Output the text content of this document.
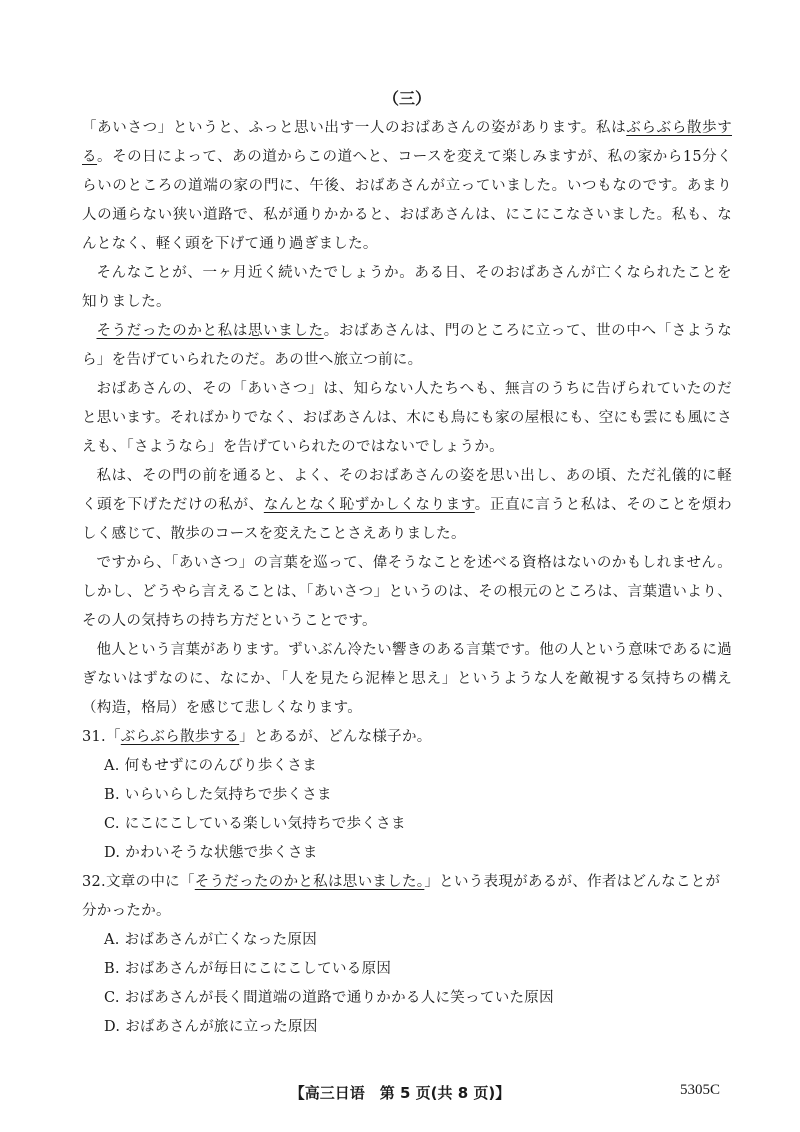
（三）

「あいさつ」というと、ふっと思い出す一人のおばあさんの姿があります。私はぶらぶら散歩する。その日によって、あの道からこの道へと、コースを変えて楽しみますが、私の家から15分くらいのところの道端の家の門に、午後、おばあさんが立っていました。いつもなのです。あまり人の通らない狭い道路で、私が通りかかると、おばあさんは、にこにこなさいました。私も、なんとなく、軽く頭を下げて通り過ぎました。

そんなことが、一ヶ月近く続いたでしょうか。ある日、そのおばあさんが亡くなられたことを知りました。

そうだったのかと私は思いました。おばあさんは、門のところに立って、世の中へ「さようなら」を告げていられたのだ。あの世へ旅立つ前に。

おばあさんの、その「あいさつ」は、知らない人たちへも、無言のうちに告げられていたのだと思います。そればかりでなく、おばあさんは、木にも鳥にも家の屋根にも、空にも雲にも風にさえも、「さようなら」を告げていられたのではないでしょうか。

私は、その門の前を通ると、よく、そのおばあさんの姿を思い出し、あの頃、ただ礼儀的に軽く頭を下げただけの私が、なんとなく恥ずかしくなります。正直に言うと私は、そのことを煩わしく感じて、散歩のコースを変えたことさえありました。

ですから、「あいさつ」の言葉を巡って、偉そうなことを述べる資格はないのかもしれません。しかし、どうやら言えることは、「あいさつ」というのは、その根元のところは、言葉遣いより、その人の気持ちの持ち方だということです。

他人という言葉があります。ずいぶん冷たい響きのある言葉です。他の人という意味であるに過ぎないはずなのに、なにか、「人を見たら泥棒と思え」というような人を敵視する気持ちの構え（构造，格局）を感じて悲しくなります。

31.「ぶらぶら散歩する」とあるが、どんな様子か。

A. 何もせずにのんびり歩くさま

B. いらいらした気持ちで歩くさま

C. にこにこしている楽しい気持ちで歩くさま

D. かわいそうな状態で歩くさま

32.文章の中に「そうだったのかと私は思いました。」という表現があるが、作者はどんなことが分かったか。

A. おばあさんが亡くなった原因

B. おばあさんが毎日にこにこしている原因

C. おばあさんが長く間道端の道路で通りかかる人に笑っていた原因

D. おばあさんが旅に立った原因

【高三日语　第 5 页(共 8 页)】	5305C
